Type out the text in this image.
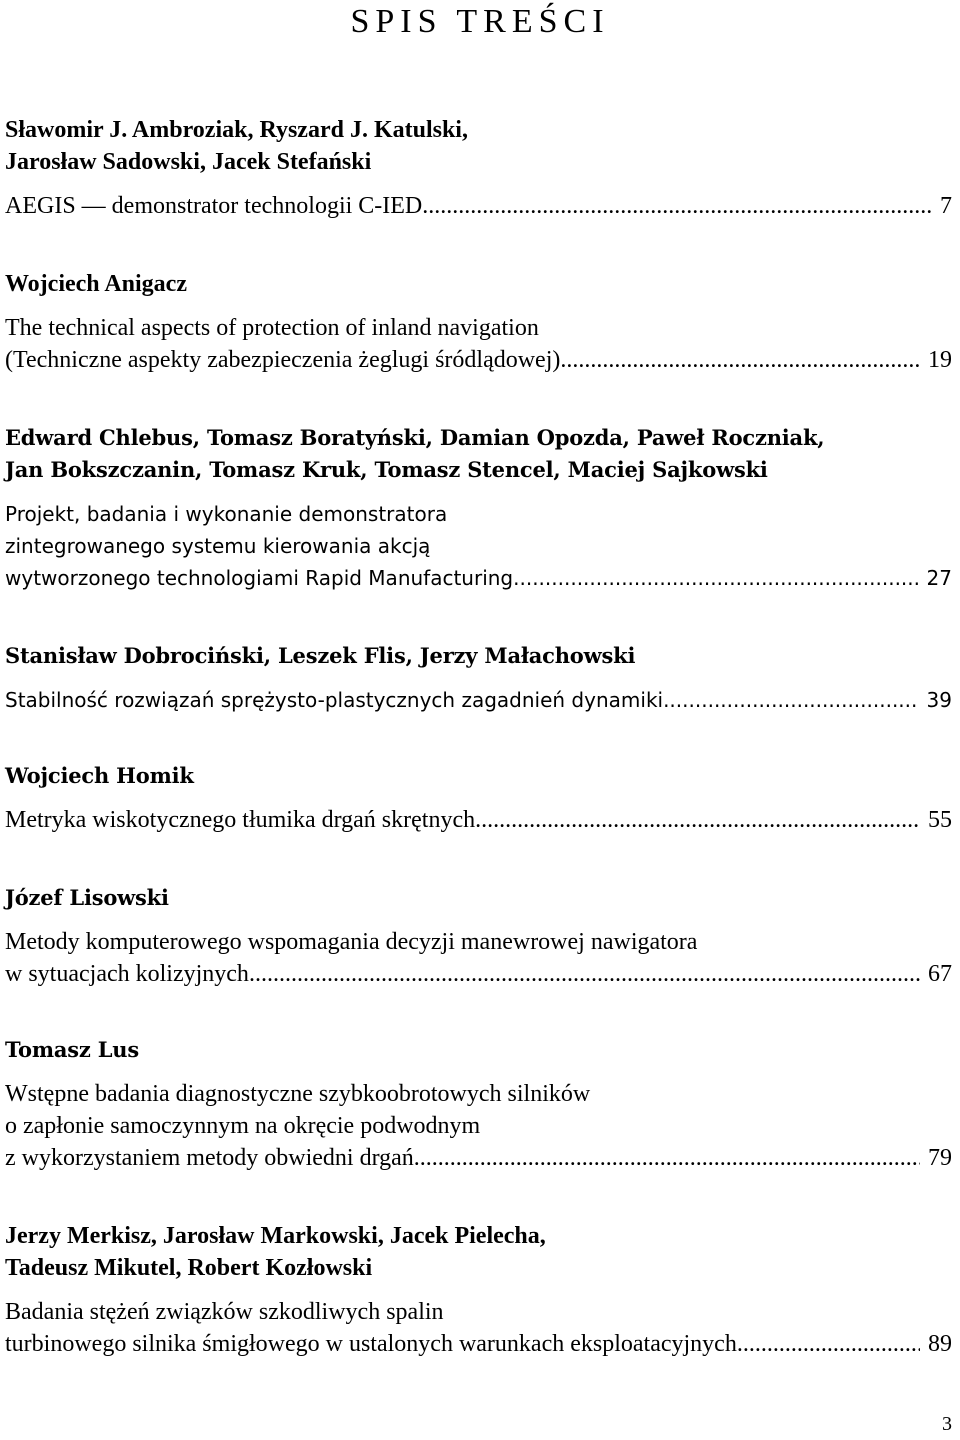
SPIS TREŚCI
Sławomir J. Ambroziak, Ryszard J. Katulski,
Jarosław Sadowski, Jacek Stefański
AEGIS — demonstrator technologii C-IED .....	7
Wojciech Anigacz
The technical aspects of protection of inland navigation
(Techniczne aspekty zabezpieczenia żeglugi śródlądowej) .....	19
Edward Chlebus, Tomasz Boratyński, Damian Opozda, Paweł Roczniak,
Jan Bokszczanin, Tomasz Kruk, Tomasz Stencel, Maciej Sajkowski
Projekt, badania i wykonanie demonstratora
zintegrowanego systemu kierowania akcją
wytworzonego technologiami Rapid Manufacturing .....	27
Stanisław Dobrociński, Leszek Flis, Jerzy Małachowski
Stabilność rozwiązań sprężysto-plastycznych zagadnień dynamiki .....	39
Wojciech Homik
Metryka wiskotycznego tłumika drgań skrętnych .....	55
Józef Lisowski
Metody komputerowego wspomagania decyzji manewrowej nawigatora
w sytuacjach kolizyjnych .....	67
Tomasz Lus
Wstępne badania diagnostyczne szybkoobrotowych silników
o zapłonie samoczynnym na okręcie podwodnym
z wykorzystaniem metody obwiedni drgań .....	79
Jerzy Merkisz, Jarosław Markowski, Jacek Pielecha,
Tadeusz Mikutel, Robert Kozłowski
Badania stężeń związków szkodliwych spalin
turbinowego silnika śmigłowego w ustalonych warunkach eksploatacyjnych .....	89
3
